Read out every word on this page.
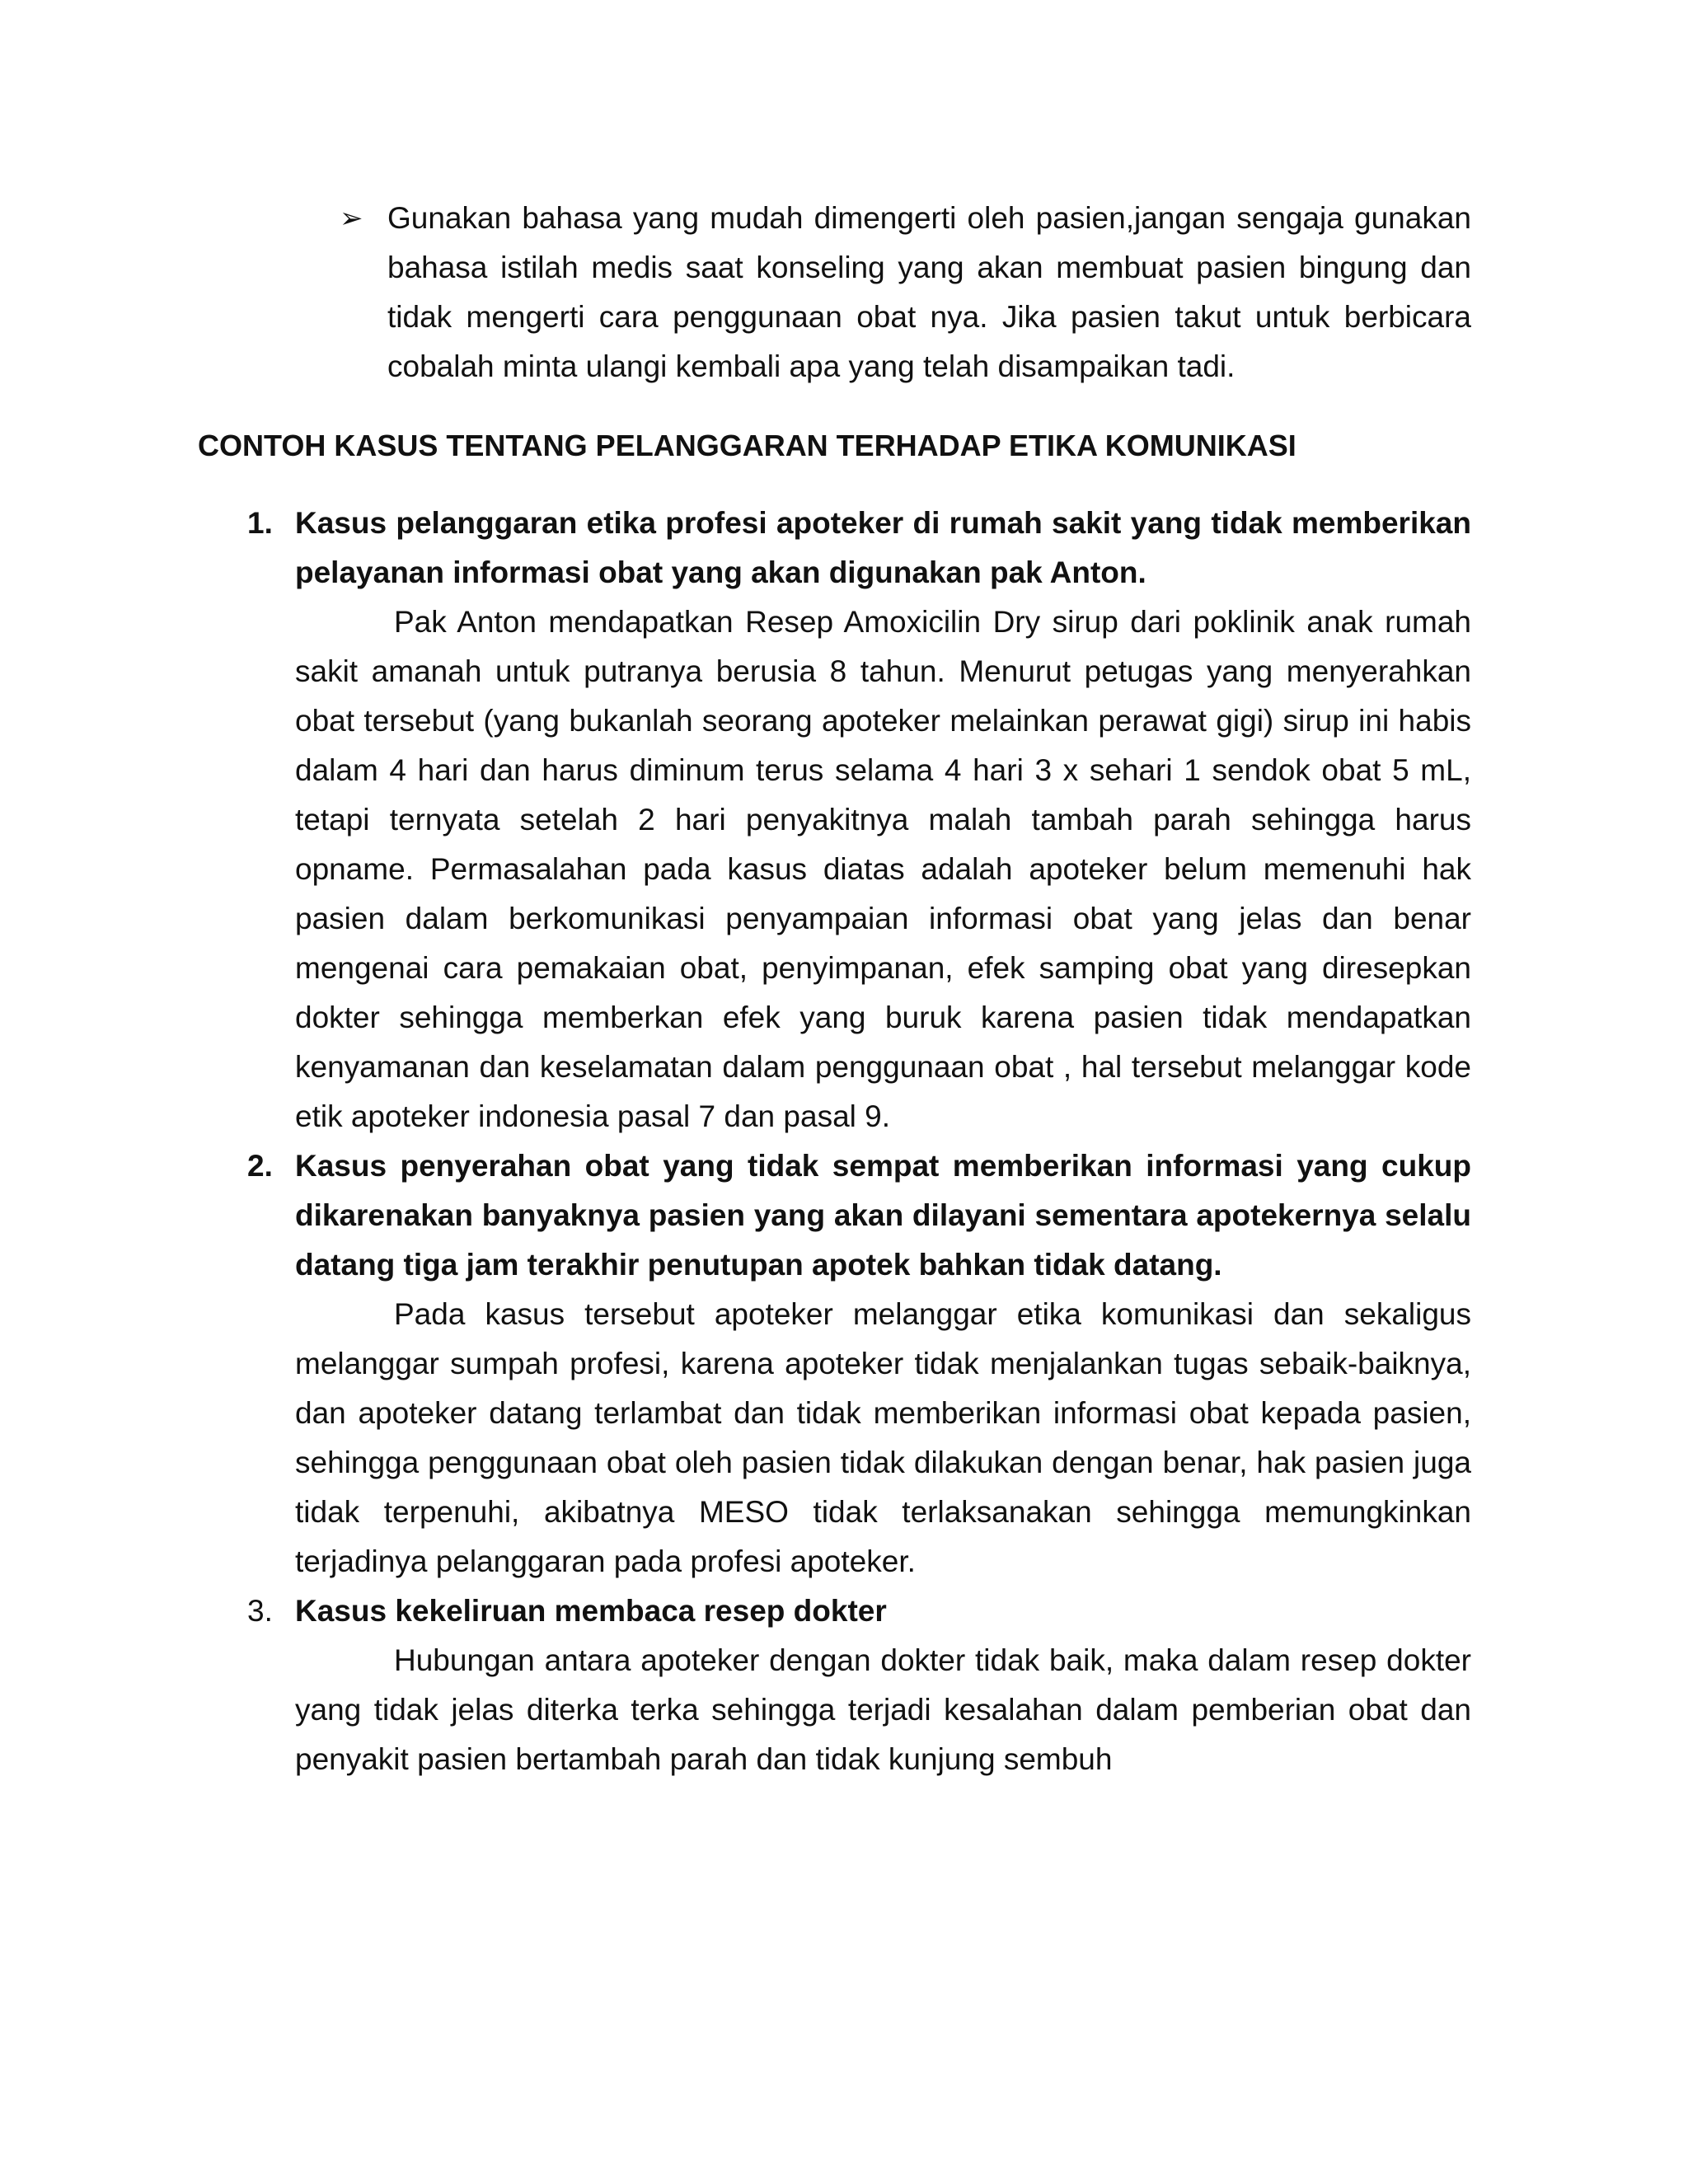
➢ Gunakan bahasa yang mudah dimengerti oleh pasien,jangan sengaja gunakan bahasa istilah medis saat konseling yang akan membuat pasien bingung dan tidak mengerti cara penggunaan obat nya. Jika pasien takut untuk berbicara cobalah minta ulangi kembali apa yang telah disampaikan tadi.

CONTOH KASUS TENTANG PELANGGARAN TERHADAP ETIKA KOMUNIKASI

1. Kasus pelanggaran etika profesi apoteker di rumah sakit yang tidak memberikan pelayanan informasi obat yang akan digunakan pak Anton.

Pak Anton mendapatkan Resep Amoxicilin Dry sirup dari poklinik anak rumah sakit amanah untuk putranya berusia 8 tahun. Menurut petugas yang menyerahkan obat tersebut (yang bukanlah seorang apoteker melainkan perawat gigi) sirup ini habis dalam 4 hari dan harus diminum terus selama 4 hari 3 x sehari 1 sendok obat 5 mL, tetapi ternyata setelah 2 hari penyakitnya malah tambah parah sehingga harus opname. Permasalahan pada kasus diatas adalah apoteker belum memenuhi hak pasien dalam berkomunikasi penyampaian informasi obat yang jelas dan benar mengenai cara pemakaian obat, penyimpanan, efek samping obat yang diresepkan dokter sehingga memberkan efek yang buruk karena pasien tidak mendapatkan kenyamanan dan keselamatan dalam penggunaan obat , hal tersebut melanggar kode etik apoteker indonesia pasal 7 dan pasal 9.

2. Kasus penyerahan obat yang tidak sempat memberikan informasi yang cukup dikarenakan banyaknya pasien yang akan dilayani sementara apotekernya selalu datang tiga jam terakhir penutupan apotek bahkan tidak datang.

Pada kasus tersebut apoteker melanggar etika komunikasi dan sekaligus melanggar sumpah profesi, karena apoteker tidak menjalankan tugas sebaik-baiknya, dan apoteker datang terlambat dan tidak memberikan informasi obat kepada pasien, sehingga penggunaan obat oleh pasien tidak dilakukan dengan benar, hak pasien juga tidak terpenuhi, akibatnya MESO tidak terlaksanakan sehingga memungkinkan terjadinya pelanggaran pada profesi apoteker.

3. Kasus kekeliruan membaca resep dokter

Hubungan antara apoteker dengan dokter tidak baik, maka dalam resep dokter yang tidak jelas diterka terka sehingga terjadi kesalahan dalam pemberian obat dan penyakit pasien bertambah parah dan tidak kunjung sembuh
